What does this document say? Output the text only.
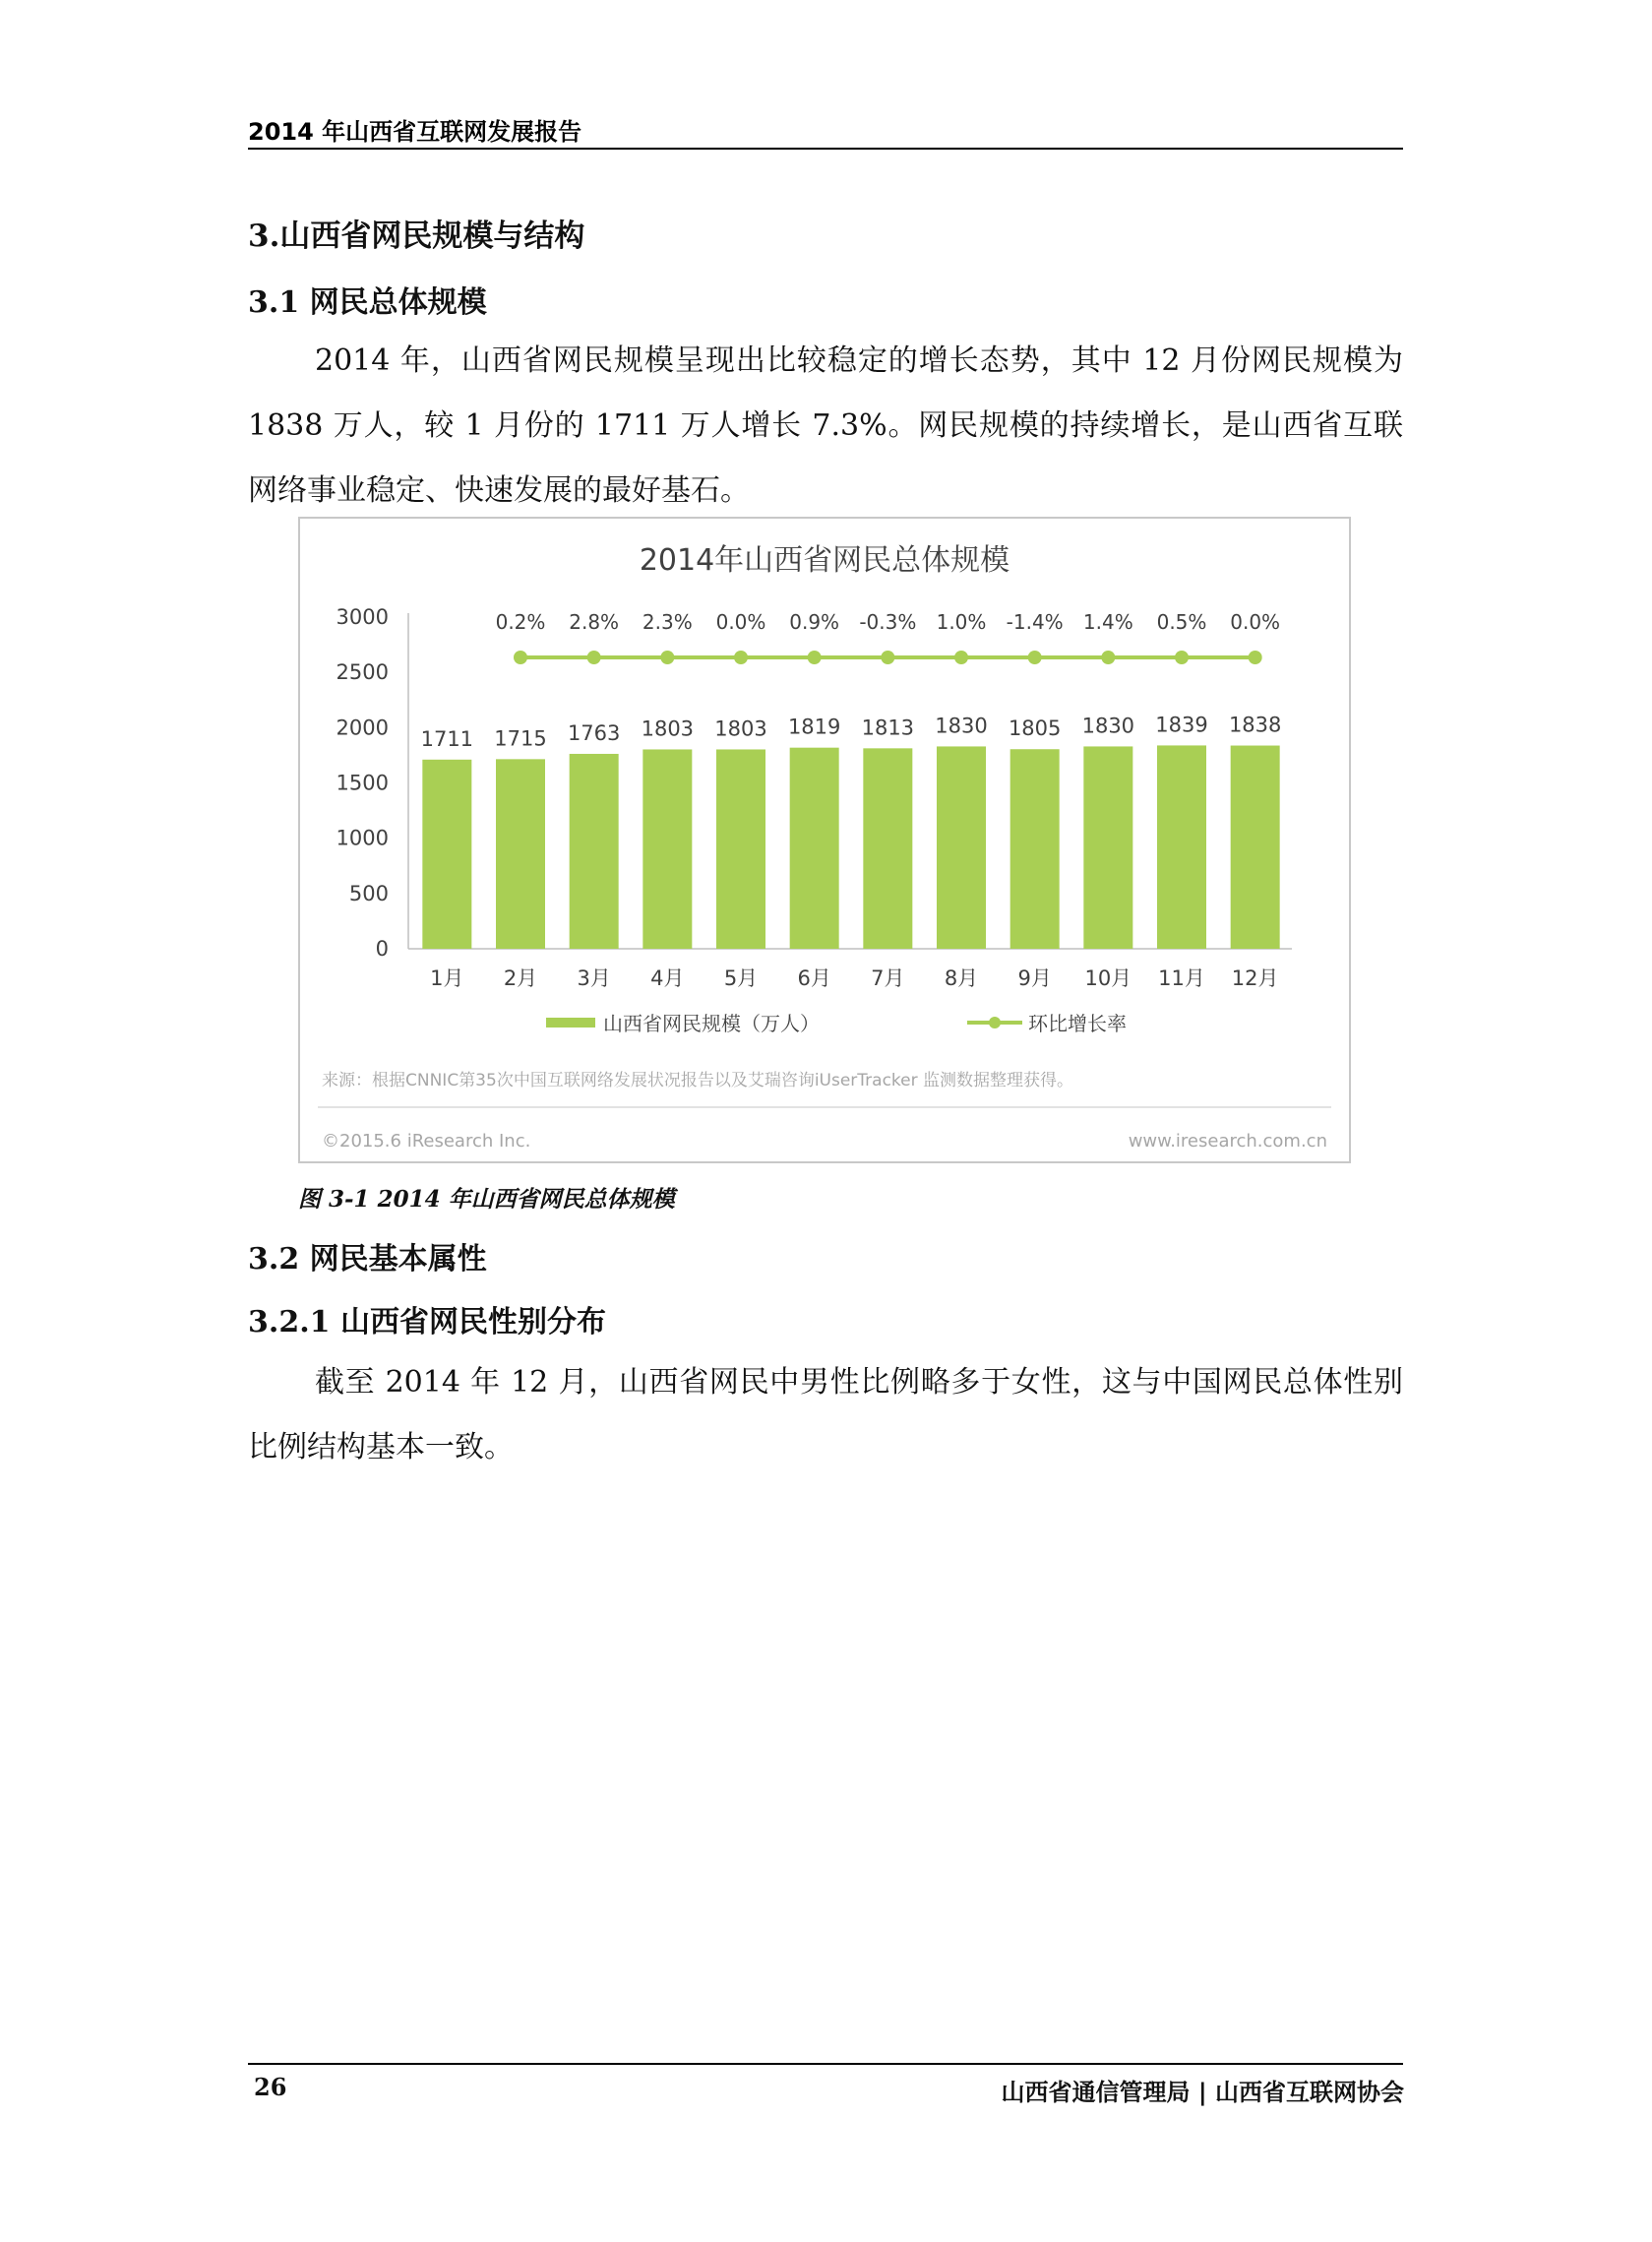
2014 年山西省互联网发展报告
3.山西省网民规模与结构
3.1 网民总体规模

2014 年，山西省网民规模呈现出比较稳定的增长态势，其中 12 月份网民规模为 1838 万人，较 1 月份的 1711 万人增长 7.3%。网民规模的持续增长，是山西省互联网络事业稳定、快速发展的最好基石。

2014年山西省网民总体规模
0
500
1000
1500
2000
2500
3000
1711 1715 1763 1803 1803 1819 1813 1830 1805 1830 1839 1838
0.2% 2.8% 2.3% 0.0% 0.9% -0.3% 1.0% -1.4% 1.4% 0.5% 0.0%
1月 2月 3月 4月 5月 6月 7月 8月 9月 10月 11月 12月
山西省网民规模（万人）	环比增长率
来源：根据CNNIC第35次中国互联网络发展状况报告以及艾瑞咨询iUserTracker 监测数据整理获得。
©2015.6 iResearch Inc.	www.iresearch.com.cn
图 3-1 2014 年山西省网民总体规模
3.2 网民基本属性
3.2.1 山西省网民性别分布

截至 2014 年 12 月，山西省网民中男性比例略多于女性，这与中国网民总体性别比例结构基本一致。

26	山西省通信管理局 | 山西省互联网协会
